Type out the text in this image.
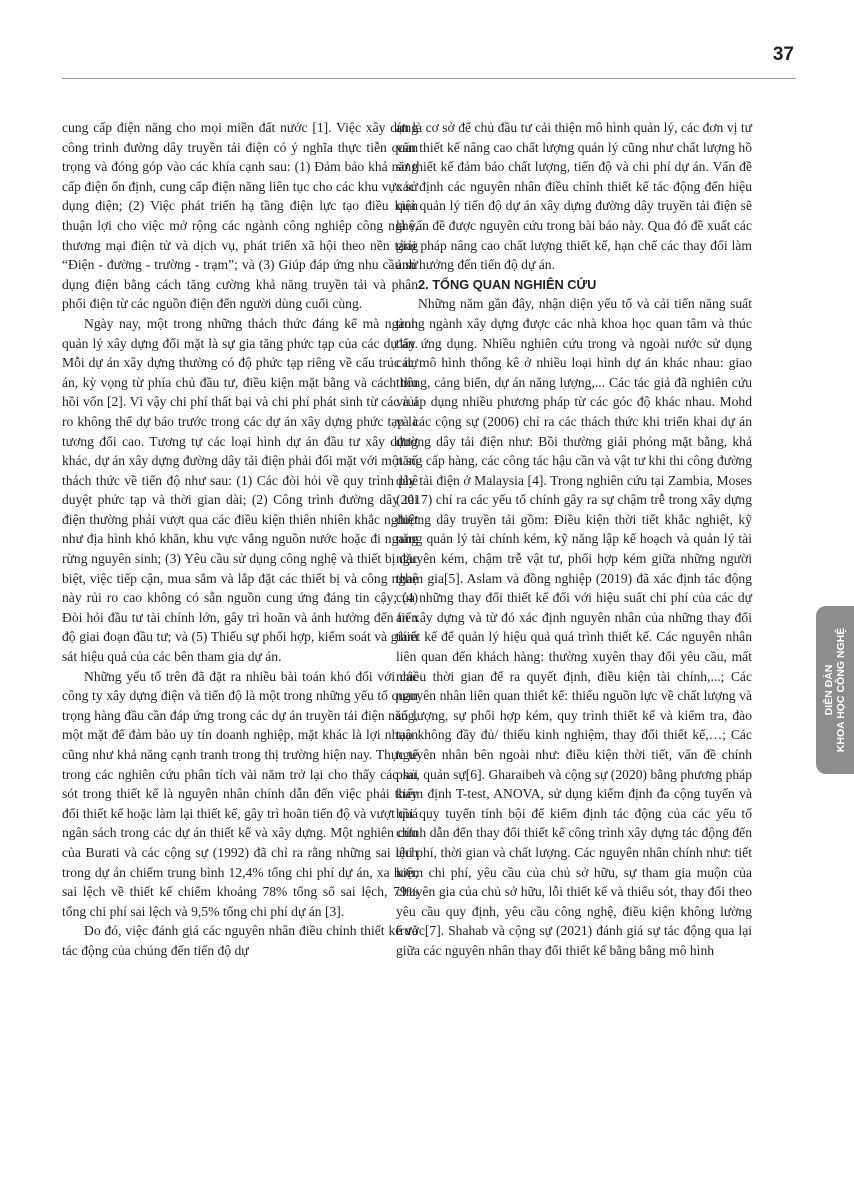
37

cung cấp điện năng cho mọi miền đất nước [1]. Việc xây dựng công trình đường dây truyền tải điện có ý nghĩa thực tiễn quan trọng và đóng góp vào các khía cạnh sau: (1) Đảm bảo khả năng cấp điện ổn định, cung cấp điện năng liên tục cho các khu vực sử dụng điện; (2) Việc phát triển hạ tầng điện lực tạo điều kiện thuận lợi cho việc mở rộng các ngành công nghiệp công nghệ, thương mại điện tử và dịch vụ, phát triển xã hội theo nền tảng “Điện - đường - trường - trạm”; và (3) Giúp đáp ứng nhu cầu sử dụng điện bằng cách tăng cường khả năng truyền tải và phân phối điện từ các nguồn điện đến người dùng cuối cùng.

Ngày nay, một trong những thách thức đáng kể mà ngành quản lý xây dựng đối mặt là sự gia tăng phức tạp của các dự án. Mỗi dự án xây dựng thường có độ phức tạp riêng về cấu trúc dự án, kỳ vọng từ phía chủ đầu tư, điều kiện mặt bằng và cách thu hồi vốn [2]. Vì vậy chi phí thất bại và chi phí phát sinh từ các rủi ro không thể dự báo trước trong các dự án xây dựng phức tạp là tương đối cao. Tương tự các loại hình dự án đầu tư xây dựng khác, dự án xây dựng đường dây tải điện phải đối mặt với một số thách thức về tiến độ như sau: (1) Các đòi hỏi về quy trình phê duyệt phức tạp và thời gian dài; (2) Công trình đường dây tải điện thường phải vượt qua các điều kiện thiên nhiên khắc nghiệt như địa hình khó khăn, khu vực vắng nguồn nước hoặc đi ngang rừng nguyên sinh; (3) Yêu cầu sử dụng công nghệ và thiết bị đặc biệt, việc tiếp cận, mua sắm và lắp đặt các thiết bị và công nghệ này rủi ro cao không có sẵn nguồn cung ứng đáng tin cậy; (4) Đòi hỏi đầu tư tài chính lớn, gây trì hoãn và ảnh hưởng đến tiến độ giai đoạn đầu tư; và (5) Thiếu sự phối hợp, kiểm soát và giám sát hiệu quả của các bên tham gia dự án.

Những yếu tố trên đã đặt ra nhiều bài toán khó đối với các công ty xây dựng điện và tiến độ là một trong những yếu tố quan trọng hàng đầu cần đáp ứng trong các dự án truyền tải điện năng, một mặt để đảm bảo uy tín doanh nghiệp, mặt khác là lợi nhuận cũng như khả năng cạnh tranh trong thị trường hiện nay. Thực tế trong các nghiên cứu phân tích vài năm trở lại cho thấy các sai sót trong thiết kế là nguyên nhân chính dẫn đến việc phải thay đổi thiết kế hoặc làm lại thiết kế, gây trì hoãn tiến độ và vượt quá ngân sách trong các dự án thiết kế và xây dựng. Một nghiên cứu của Burati và các cộng sự (1992) đã chỉ ra rằng những sai lệch trong dự án chiếm trung bình 12,4% tổng chi phí dự án, xa hơn, sai lệch về thiết kế chiếm khoảng 78% tổng số sai lệch, 79% tổng chi phí sai lệch và 9,5% tổng chi phí dự án [3].

Do đó, việc đánh giá các nguyên nhân điều chỉnh thiết kế và tác động của chúng đến tiến độ dự

án là cơ sở để chủ đầu tư cải thiện mô hình quản lý, các đơn vị tư vấn thiết kế nâng cao chất lượng quản lý cũng như chất lượng hồ sơ thiết kế đảm bảo chất lượng, tiến độ và chi phí dự án. Vấn đề xác định các nguyên nhân điều chỉnh thiết kế tác động đến hiệu quả quản lý tiến độ dự án xây dựng đường dây truyền tải điện sẽ là vấn đề được nguyên cứu trong bài báo này. Qua đó đề xuất các giải pháp nâng cao chất lượng thiết kế, hạn chế các thay đổi làm ảnh hưởng đến tiến độ dự án.

2. TỔNG QUAN NGHIÊN CỨU

Những năm gần đây, nhận diện yếu tố và cải tiến năng suất trong ngành xây dựng được các nhà khoa học quan tâm và thúc đẩy ứng dụng. Nhiều nghiên cứu trong và ngoài nước sử dụng các mô hình thống kê ở nhiều loại hình dự án khác nhau: giao thông, cảng biển, dự án năng lượng,... Các tác giả đã nghiên cứu và áp dụng nhiều phương pháp từ các góc độ khác nhau. Mohd và các cộng sự (2006) chỉ ra các thách thức khi triển khai dự án đường dây tải điện như: Bồi thường giải phóng mặt bằng, khả năng cấp hàng, các công tác hậu cần và vật tư khi thi công đường dây tải điện ở Malaysia [4]. Trong nghiên cứu tại Zambia, Moses (2017) chỉ ra các yếu tố chính gây ra sự chậm trễ trong xây dựng đường dây truyền tải gồm: Điều kiện thời tiết khắc nghiệt, kỹ năng quản lý tài chính kém, kỹ năng lập kế hoạch và quản lý tài nguyên kém, chậm trễ vật tư, phối hợp kém giữa những người tham gia[5]. Aslam và đồng nghiệp (2019) đã xác định tác động của những thay đổi thiết kế đối với hiệu suất chi phí của các dự án xây dựng và từ đó xác định nguyên nhân của những thay đổi thiết kế để quản lý hiệu quả quá trình thiết kế. Các nguyên nhân liên quan đến khách hàng: thường xuyên thay đổi yêu cầu, mất nhiều thời gian để ra quyết định, điều kiện tài chính,...; Các nguyên nhân liên quan thiết kế: thiếu nguồn lực về chất lượng và số lượng, sự phối hợp kém, quy trình thiết kế và kiểm tra, đào tạo không đầy đủ/ thiếu kinh nghiệm, thay đổi thiết kế,…; Các nguyên nhân bên ngoài như: điều kiện thời tiết, vấn đề chính phủ, quản sự[6]. Gharaibeh và cộng sự (2020) bằng phương pháp kiểm định T-test, ANOVA, sử dụng kiểm định đa cộng tuyến và hồi quy tuyến tính bội để kiểm định tác động của các yếu tố chính dẫn đến thay đổi thiết kế công trình xây dựng tác động đến chi phí, thời gian và chất lượng. Các nguyên nhân chính như: tiết kiệm chi phí, yêu cầu của chủ sở hữu, sự tham gia muộn của chuyên gia của chủ sở hữu, lỗi thiết kế và thiếu sót, thay đổi theo yêu cầu quy định, yêu cầu công nghệ, điều kiện không lường trước[7]. Shahab và cộng sự (2021) đánh giá sự tác động qua lại giữa các nguyên nhân thay đổi thiết kế bằng bằng mô hình

DIỄN ĐÀN KHOA HỌC CÔNG NGHỆ
